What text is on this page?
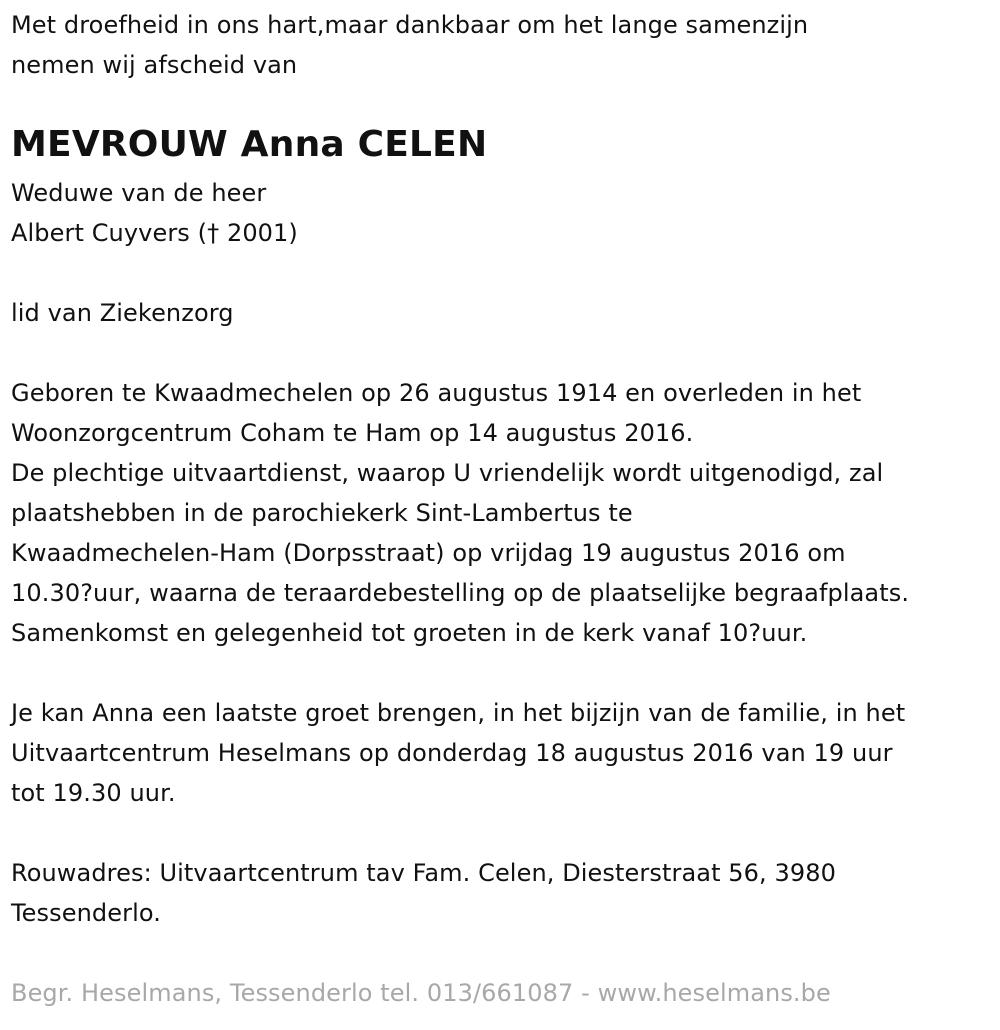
Met droefheid in ons hart,maar dankbaar om het lange samenzijn
nemen wij afscheid van
MEVROUW Anna CELEN
Weduwe van de heer
Albert Cuyvers († 2001)
lid van Ziekenzorg
Geboren te Kwaadmechelen op 26 augustus 1914 en overleden in het
Woonzorgcentrum Coham te Ham op 14 augustus 2016.
De plechtige uitvaartdienst, waarop U vriendelijk wordt uitgenodigd, zal
plaatshebben in de parochiekerk Sint-Lambertus te
Kwaadmechelen-Ham (Dorpsstraat) op vrijdag 19 augustus 2016 om
10.30?uur, waarna de teraardebestelling op de plaatselijke begraafplaats.
Samenkomst en gelegenheid tot groeten in de kerk vanaf 10?uur.
Je kan Anna een laatste groet brengen, in het bijzijn van de familie, in het
Uitvaartcentrum Heselmans op donderdag 18 augustus 2016 van 19 uur
tot 19.30 uur.
Rouwadres: Uitvaartcentrum tav Fam. Celen, Diesterstraat 56, 3980
Tessenderlo.
Begr. Heselmans, Tessenderlo tel. 013/661087 - www.heselmans.be
